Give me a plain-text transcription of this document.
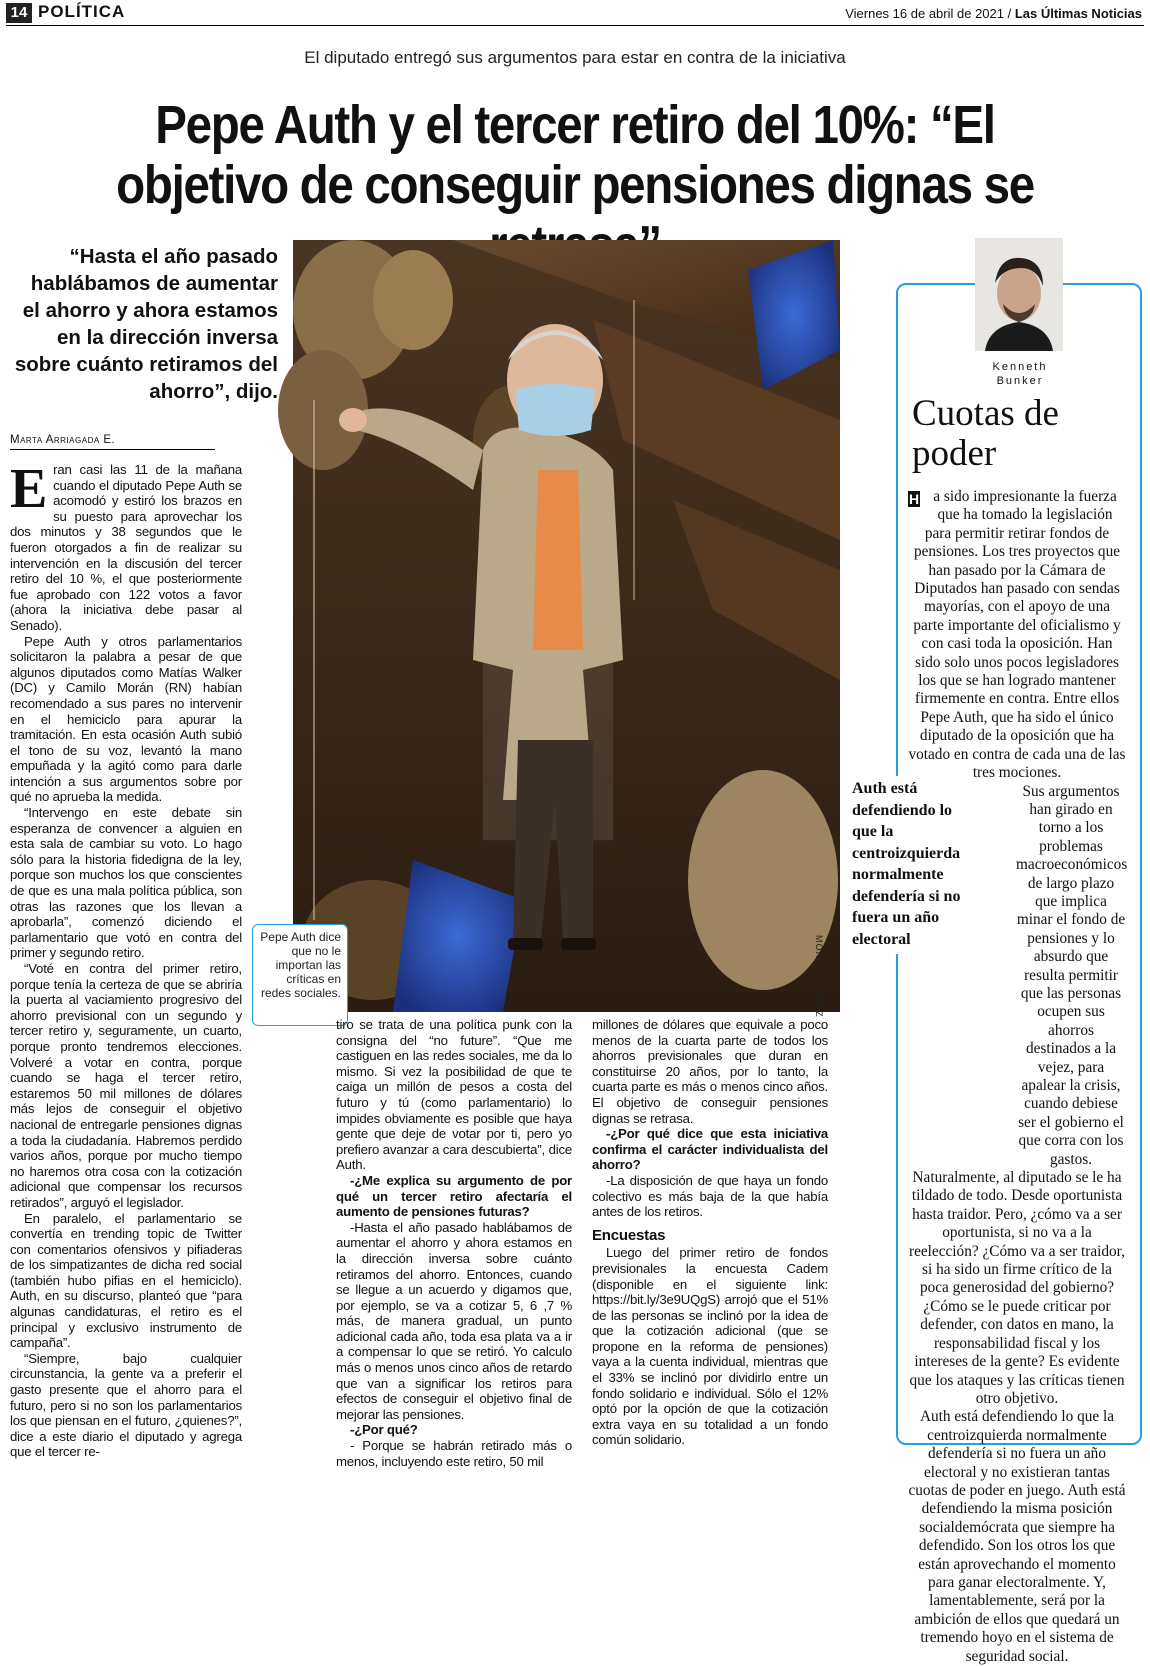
14 POLÍTICA	Viernes 16 de abril de 2021 / Las Últimas Noticias
El diputado entregó sus argumentos para estar en contra de la iniciativa
Pepe Auth y el tercer retiro del 10%: “El objetivo de conseguir pensiones dignas se
“Hasta el año pasado hablábamos de aumentar el ahorro y ahora estamos en la dirección inversa sobre cuánto retiramos del ahorro”, dijo.
Marta Arriagada E.

Eran casi las 11 de la mañana cuando el diputado Pepe Auth se acomodó y estiró los brazos en su puesto para aprovechar los dos minutos y 38 segundos que le fueron otorgados a fin de realizar su intervención en la discusión del tercer retiro del 10 %, el que posteriormente fue aprobado con 122 votos a favor (ahora la iniciativa debe pasar al Senado).

Pepe Auth y otros parlamentarios solicitaron la palabra a pesar de que algunos diputados como Matías Walker (DC) y Camilo Morán (RN) habían recomendado a sus pares no intervenir en el hemiciclo para apurar la tramitación. En esta ocasión Auth subió el tono de su voz, levantó la mano empuñada y la agitó como para darle intención a sus argumentos sobre por qué no aprueba la medida.

“Intervengo en este debate sin esperanza de convencer a alguien en esta sala de cambiar su voto. Lo hago sólo para la historia fidedigna de la ley, porque son muchos los que conscientes de que es una mala política pública, son otras las razones que los llevan a aprobarla”, comenzó diciendo el parlamentario que votó en contra del primer y segundo retiro.

“Voté en contra del primer retiro, porque tenía la certeza de que se abriría la puerta al vaciamiento progresivo del ahorro previsional con un segundo y tercer retiro y, seguramente, un cuarto, porque pronto tendremos elecciones. Volveré a votar en contra, porque cuando se haga el tercer retiro, estaremos 50 mil millones de dólares más lejos de conseguir el objetivo nacional de entregarle pensiones dignas a toda la ciudadanía. Habremos perdido varios años, porque por mucho tiempo no haremos otra cosa con la cotización adicional que compensar los recursos retirados”, arguyó el legislador.

En paralelo, el parlamentario se convertía en trending topic de Twitter con comentarios ofensivos y pifiaderas de los simpatizantes de dicha red social (también hubo pifias en el hemiciclo). Auth, en su discurso, planteó que “para algunas candidaturas, el retiro es el principal y exclusivo instrumento de campaña”.

“Siempre, bajo cualquier circunstancia, la gente va a preferir el gasto presente que el ahorro para el futuro, pero si no son los parlamentarios los que piensan en el futuro, ¿quienes?”, dice a este diario el diputado y agrega que el tercer re-

Pepe Auth dice que no le importan las críticas en redes sociales.	MOISÉS MUÑOZ

tiro se trata de una política punk con la consigna del “no future”. “Que me castiguen en las redes sociales, me da lo mismo. Si vez la posibilidad de que te caiga un millón de pesos a costa del futuro y tú (como parlamentario) lo impides obviamente es posible que haya gente que deje de votar por ti, pero yo prefiero avanzar a cara descubierta”, dice Auth.

-¿Me explica su argumento de por qué un tercer retiro afectaría el aumento de pensiones futuras?

-Hasta el año pasado hablábamos de aumentar el ahorro y ahora estamos en la dirección inversa sobre cuánto retiramos del ahorro. Entonces, cuando se llegue a un acuerdo y digamos que, por ejemplo, se va a cotizar 5, 6 ,7 % más, de manera gradual, un punto adicional cada año, toda esa plata va a ir a compensar lo que se retiró. Yo calculo más o menos unos cinco años de retardo que van a significar los retiros para efectos de conseguir el objetivo final de mejorar las pensiones.

-¿Por qué?

- Porque se habrán retirado más o menos, incluyendo este retiro, 50 mil

millones de dólares que equivale a poco menos de la cuarta parte de todos los ahorros previsionales que duran en constituirse 20 años, por lo tanto, la cuarta parte es más o menos cinco años. El objetivo de conseguir pensiones dignas se retrasa.

-¿Por qué dice que esta iniciativa confirma el carácter individualista del ahorro?

-La disposición de que haya un fondo colectivo es más baja de la que había antes de los retiros.

Encuestas

Luego del primer retiro de fondos previsionales la encuesta Cadem (disponible en el siguiente link: https://bit.ly/3e9UQgS) arrojó que el 51% de las personas se inclinó por la idea de que la cotización adicional (que se propone en la reforma de pensiones) vaya a la cuenta individual, mientras que el 33% se inclinó por dividirlo entre un fondo solidario e individual. Sólo el 12% optó por la opción de que la cotización extra vaya en su totalidad a un fondo común solidario.

Kenneth Bunker
Cuotas de poder

H a sido impresionante la fuerza que ha tomado la legislación para permitir retirar fondos de pensiones. Los tres proyectos que han pasado por la Cámara de Diputados han pasado con sendas mayorías, con el apoyo de una parte importante del oficialismo y con casi toda la oposición. Han sido solo unos pocos legisladores los que se han logrado mantener firmemente en contra. Entre ellos Pepe Auth, que ha sido el único diputado de la oposición que ha votado en contra de cada una de las tres mociones.

Sus argumentos han girado en torno a los problemas macroeconómicos de largo plazo que implica minar el fondo de pensiones y lo absurdo que resulta permitir que las personas ocupen sus ahorros destinados a la vejez, para apalear la crisis, cuando debiese ser el gobierno el que corra con los gastos.

Naturalmente, al diputado se le ha tildado de todo. Desde oportunista hasta traidor. Pero, ¿cómo va a ser oportunista, si no va a la reelección? ¿Cómo va a ser traidor, si ha sido un firme crítico de la poca generosidad del gobierno? ¿Cómo se le puede criticar por defender, con datos en mano, la responsabilidad fiscal y los intereses de la gente? Es evidente que los ataques y las críticas tienen otro objetivo.

Auth está defendiendo lo que la centroizquierda normalmente defendería si no fuera un año electoral y no existieran tantas cuotas de poder en juego. Auth está defendiendo la misma posición socialdemócrata que siempre ha defendido. Son los otros los que están aprovechando el momento para ganar electoralmente. Y, lamentablemente, será por la ambición de ellos que quedará un tremendo hoyo en el sistema de seguridad social.

Auth está defendiendo lo que la centroizquierda normalmente defendería si no fuera un año electoral
